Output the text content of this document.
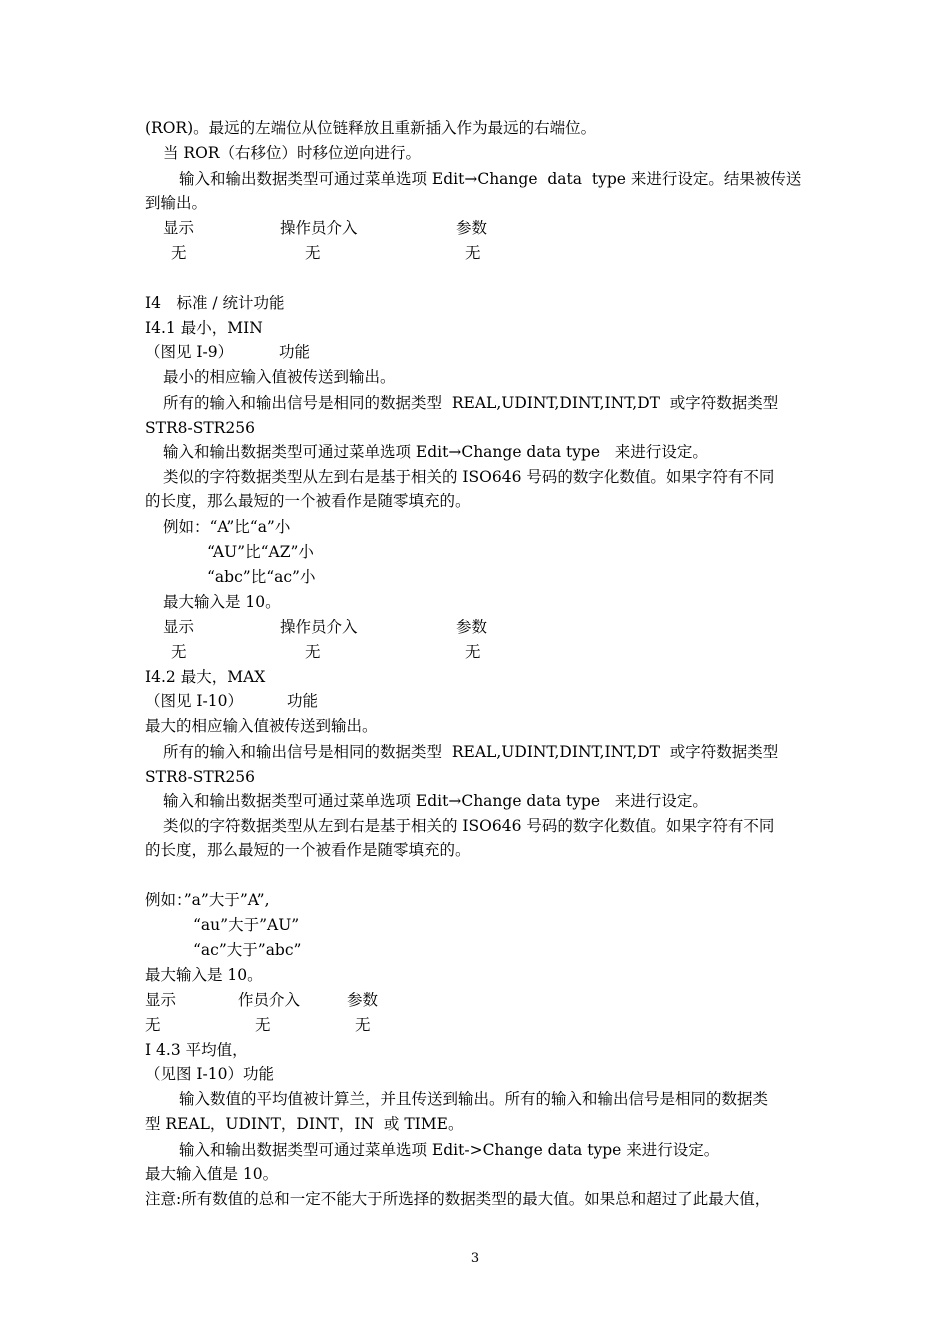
(ROR)。最远的左端位从位链释放且重新插入作为最远的右端位。
当 ROR（右移位）时移位逆向进行。
输入和输出数据类型可通过菜单选项 Edit→Change  data  type 来进行设定。结果被传送
到输出。
显示	操作员介入	参数
无	无	无
I4　标准 / 统计功能
I4.1 最小，MIN
（图见 I-9）	功能
最小的相应输入值被传送到输出。
所有的输入和输出信号是相同的数据类型  REAL,UDINT,DINT,INT,DT  或字符数据类型
STR8-STR256
输入和输出数据类型可通过菜单选项 Edit→Change data type   来进行设定。
类似的字符数据类型从左到右是基于相关的 ISO646 号码的数字化数值。如果字符有不同
的长度，那么最短的一个被看作是随零填充的。
例如：“A”比“a”小
“AU”比“AZ”小
“abc”比“ac”小
最大输入是 10。
显示	操作员介入	参数
无	无	无
I4.2 最大，MAX
（图见 I-10）	功能
最大的相应输入值被传送到输出。
所有的输入和输出信号是相同的数据类型  REAL,UDINT,DINT,INT,DT  或字符数据类型
STR8-STR256
输入和输出数据类型可通过菜单选项 Edit→Change data type   来进行设定。
类似的字符数据类型从左到右是基于相关的 ISO646 号码的数字化数值。如果字符有不同
的长度，那么最短的一个被看作是随零填充的。
例如：”a”大于”A”,
“au”大于”AU”
“ac”大于”abc”
最大输入是 10。
显示	作员介入	参数
无	无	无
I 4.3 平均值，
（见图 I-10）功能
输入数值的平均值被计算兰，并且传送到输出。所有的输入和输出信号是相同的数据类
型 REAL，UDINT，DINT，IN  或 TIME。
输入和输出数据类型可通过菜单选项 Edit->Change data type 来进行设定。
最大输入值是 10。
注意:所有数值的总和一定不能大于所选择的数据类型的最大值。如果总和超过了此最大值，
3
